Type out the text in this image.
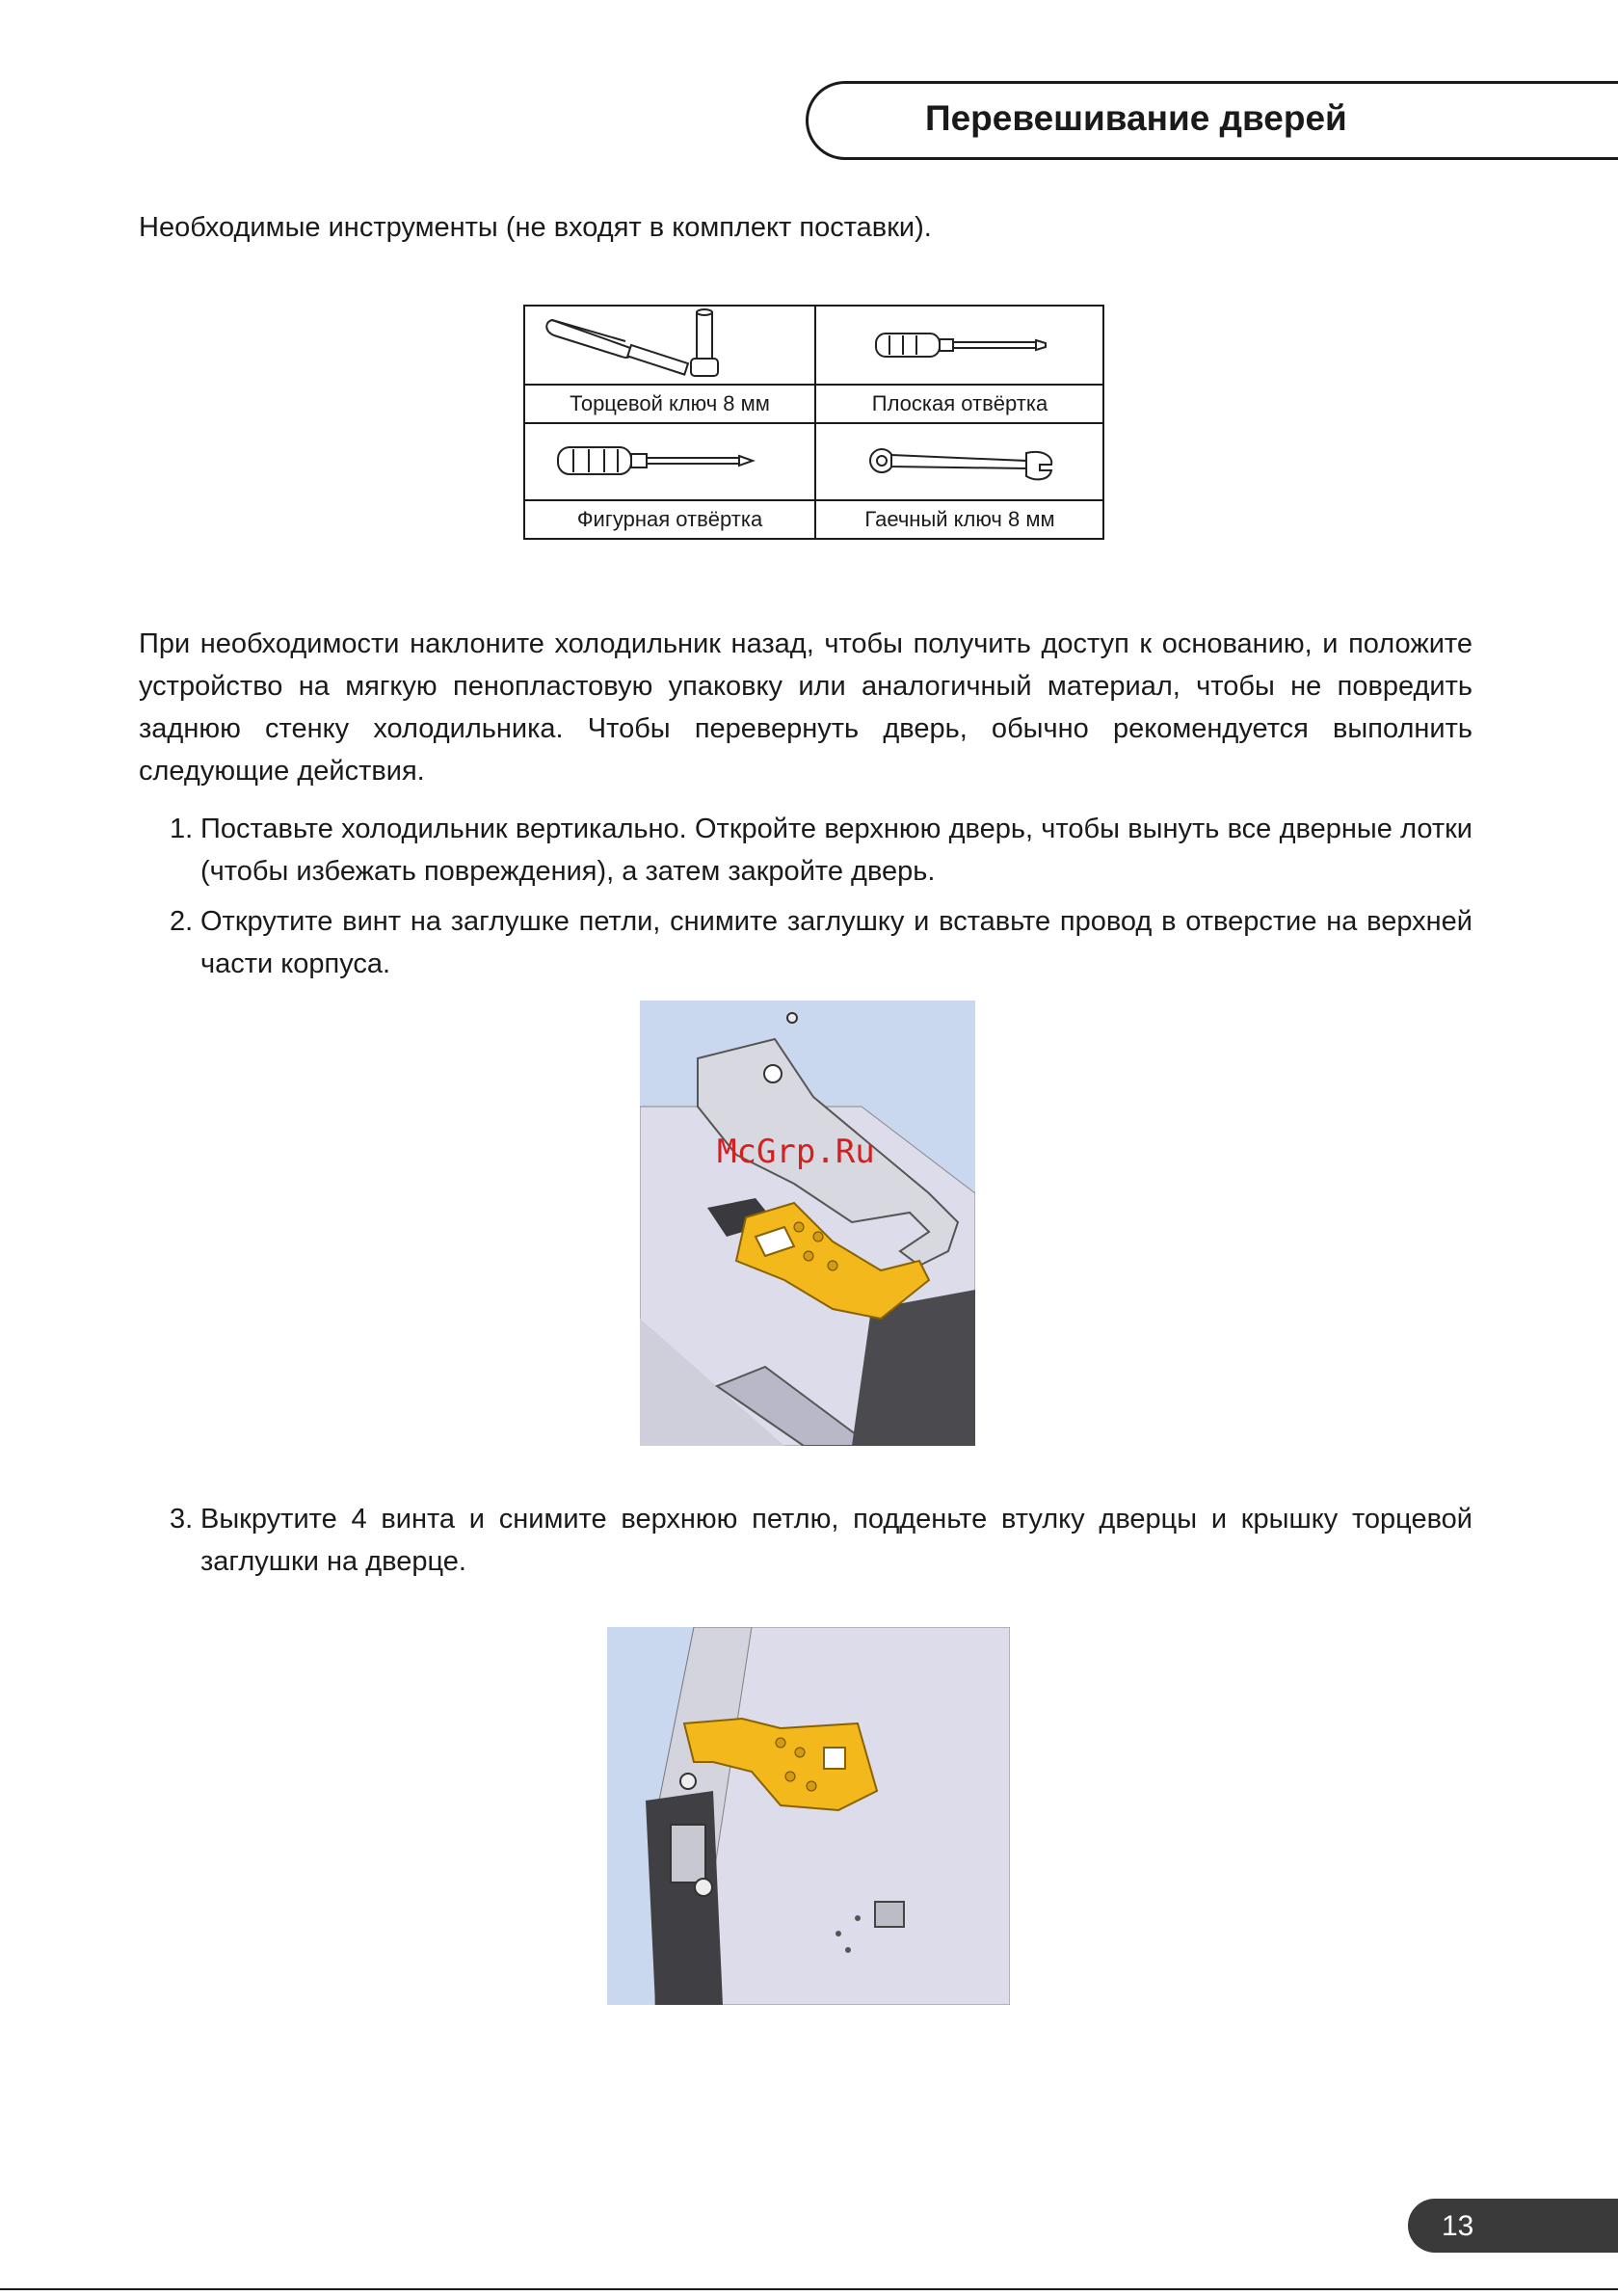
Перевешивание дверей
Необходимые инструменты (не входят в комплект поставки).
Торцевой ключ 8 мм	Плоская отвёртка
Фигурная отвёртка	Гаечный ключ 8 мм
При необходимости наклоните холодильник назад, чтобы получить доступ к основанию, и положите устройство на мягкую пенопластовую упаковку или аналогичный материал, чтобы не повредить заднюю стенку холодильника. Чтобы перевернуть дверь, обычно рекомендуется выполнить следующие действия.
1. Поставьте холодильник вертикально. Откройте верхнюю дверь, чтобы вынуть все дверные лотки (чтобы избежать повреждения), а затем закройте дверь.
2. Открутите винт на заглушке петли, снимите заглушку и вставьте провод в отверстие на верхней части корпуса.
McGrp.Ru
3. Выкрутите 4 винта и снимите верхнюю петлю, подденьте втулку дверцы и крышку торцевой заглушки на дверце.
13
